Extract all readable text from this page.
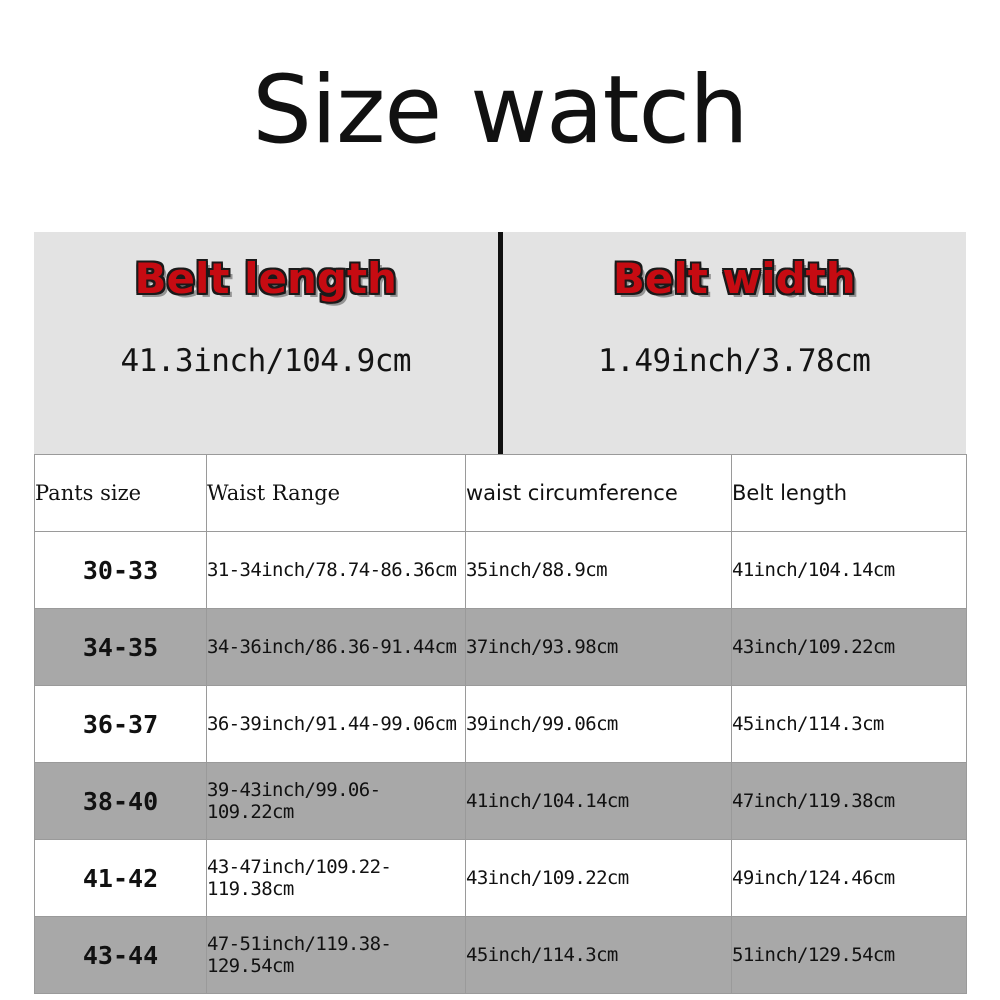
Size watch
Belt length
41.3inch/104.9cm
Belt width
1.49inch/3.78cm
Pants size	Waist Range	waist circumference	Belt length
30-33	31-34inch/78.74-86.36cm	35inch/88.9cm	41inch/104.14cm
34-35	34-36inch/86.36-91.44cm	37inch/93.98cm	43inch/109.22cm
36-37	36-39inch/91.44-99.06cm	39inch/99.06cm	45inch/114.3cm
38-40	39-43inch/99.06-109.22cm	41inch/104.14cm	47inch/119.38cm
41-42	43-47inch/109.22-119.38cm	43inch/109.22cm	49inch/124.46cm
43-44	47-51inch/119.38-129.54cm	45inch/114.3cm	51inch/129.54cm
